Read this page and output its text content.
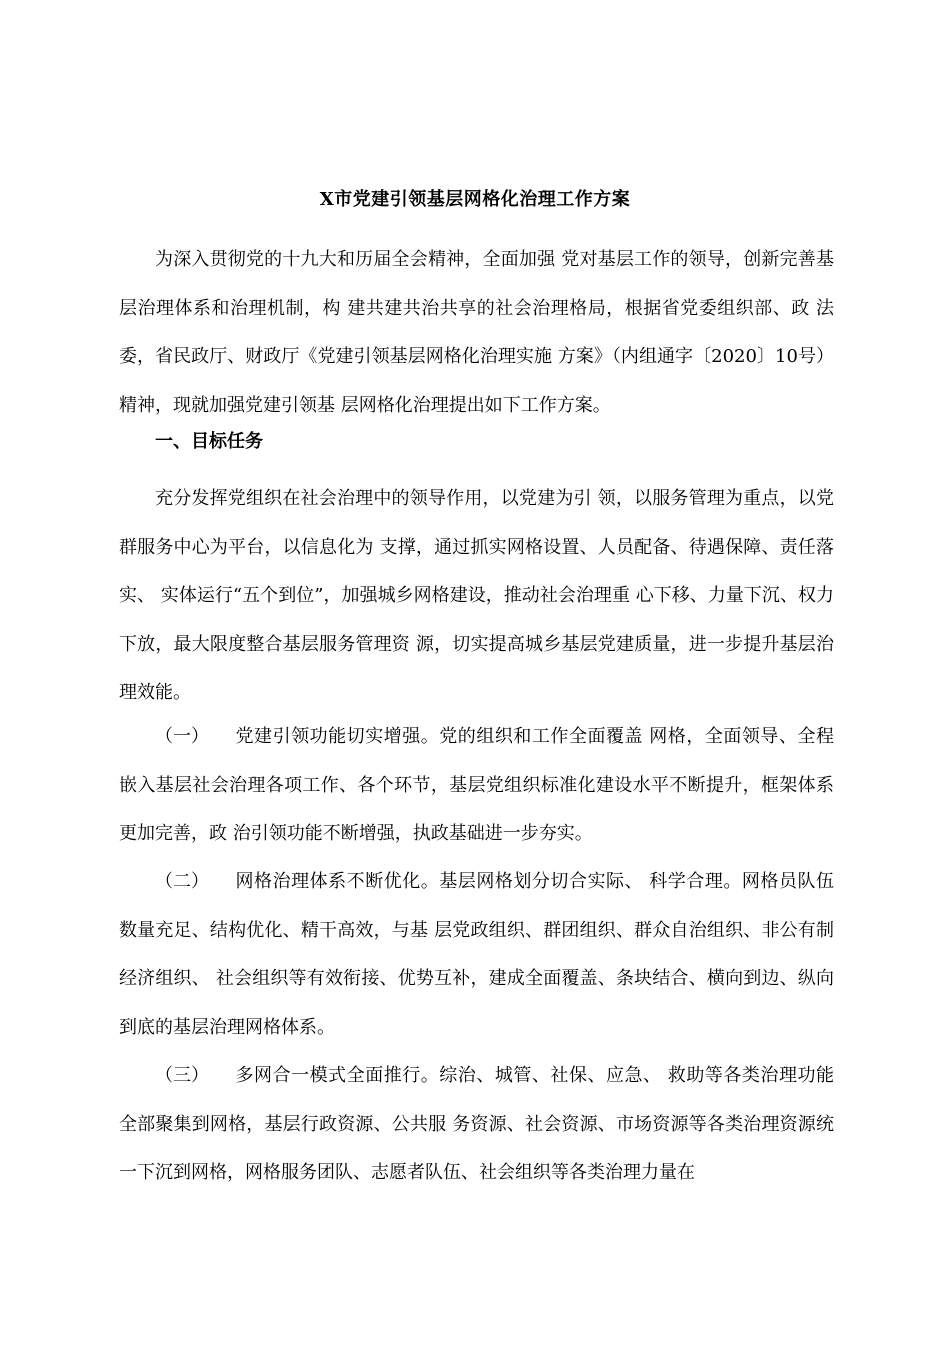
X市党建引领基层网格化治理工作方案

为深入贯彻党的十九大和历届全会精神，全面加强 党对基层工作的领导，创新完善基层治理体系和治理机制，构 建共建共治共享的社会治理格局，根据省党委组织部、政 法委，省民政厅、财政厅《党建引领基层网格化治理实施 方案》（内组通字〔2020〕10号）精神，现就加强党建引领基 层网格化治理提出如下工作方案。

一、目标任务

充分发挥党组织在社会治理中的领导作用，以党建为引 领，以服务管理为重点，以党群服务中心为平台，以信息化为 支撑，通过抓实网格设置、人员配备、待遇保障、责任落实、 实体运行“五个到位”，加强城乡网格建设，推动社会治理重 心下移、力量下沉、权力下放，最大限度整合基层服务管理资 源，切实提高城乡基层党建质量，进一步提升基层治理效能。

（一） 党建引领功能切实增强。党的组织和工作全面覆盖 网格，全面领导、全程嵌入基层社会治理各项工作、各个环节，基层党组织标准化建设水平不断提升，框架体系更加完善，政 治引领功能不断增强，执政基础进一步夯实。

（二） 网格治理体系不断优化。基层网格划分切合实际、 科学合理。网格员队伍数量充足、结构优化、精干高效，与基 层党政组织、群团组织、群众自治组织、非公有制经济组织、 社会组织等有效衔接、优势互补，建成全面覆盖、条块结合、横向到边、纵向到底的基层治理网格体系。

（三） 多网合一模式全面推行。综治、城管、社保、应急、 救助等各类治理功能全部聚集到网格，基层行政资源、公共服 务资源、社会资源、市场资源等各类治理资源统一下沉到网格，网格服务团队、志愿者队伍、社会组织等各类治理力量在
